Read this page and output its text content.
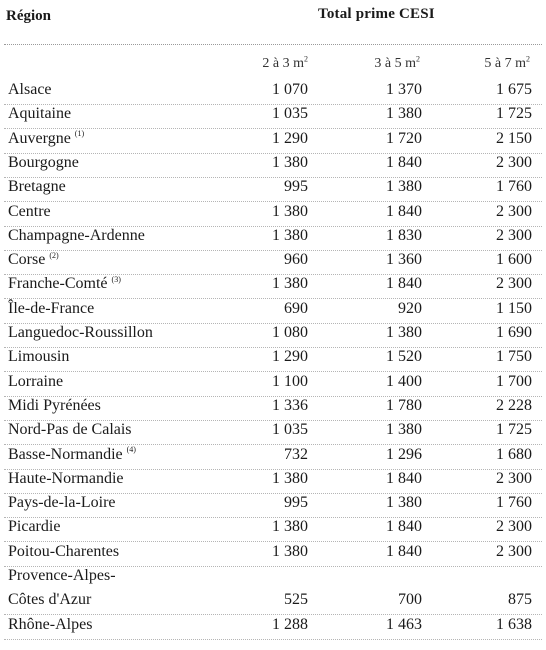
Région	Total prime CESI
2 à 3 $m^2$	3 à 5 $m^2$	5 à 7 $m^2$
Alsace	1 070	1 370	1 675
Aquitaine	1 035	1 380	1 725
Auvergne $^{(1)}$	1 290	1 720	2 150
Bourgogne	1 380	1 840	2 300
Bretagne	995	1 380	1 760
Centre	1 380	1 840	2 300
Champagne-Ardenne	1 380	1 830	2 300
Corse $^{(2)}$	960	1 360	1 600
Franche-Comté $^{(3)}$	1 380	1 840	2 300
Île-de-France	690	920	1 150
Languedoc-Roussillon	1 080	1 380	1 690
Limousin	1 290	1 520	1 750
Lorraine	1 100	1 400	1 700
Midi Pyrénées	1 336	1 780	2 228
Nord-Pas de Calais	1 035	1 380	1 725
Basse-Normandie $^{(4)}$	732	1 296	1 680
Haute-Normandie	1 380	1 840	2 300
Pays-de-la-Loire	995	1 380	1 760
Picardie	1 380	1 840	2 300
Poitou-Charentes	1 380	1 840	2 300
Provence-Alpes-
Côtes d'Azur	525	700	875
Rhône-Alpes	1 288	1 463	1 638
